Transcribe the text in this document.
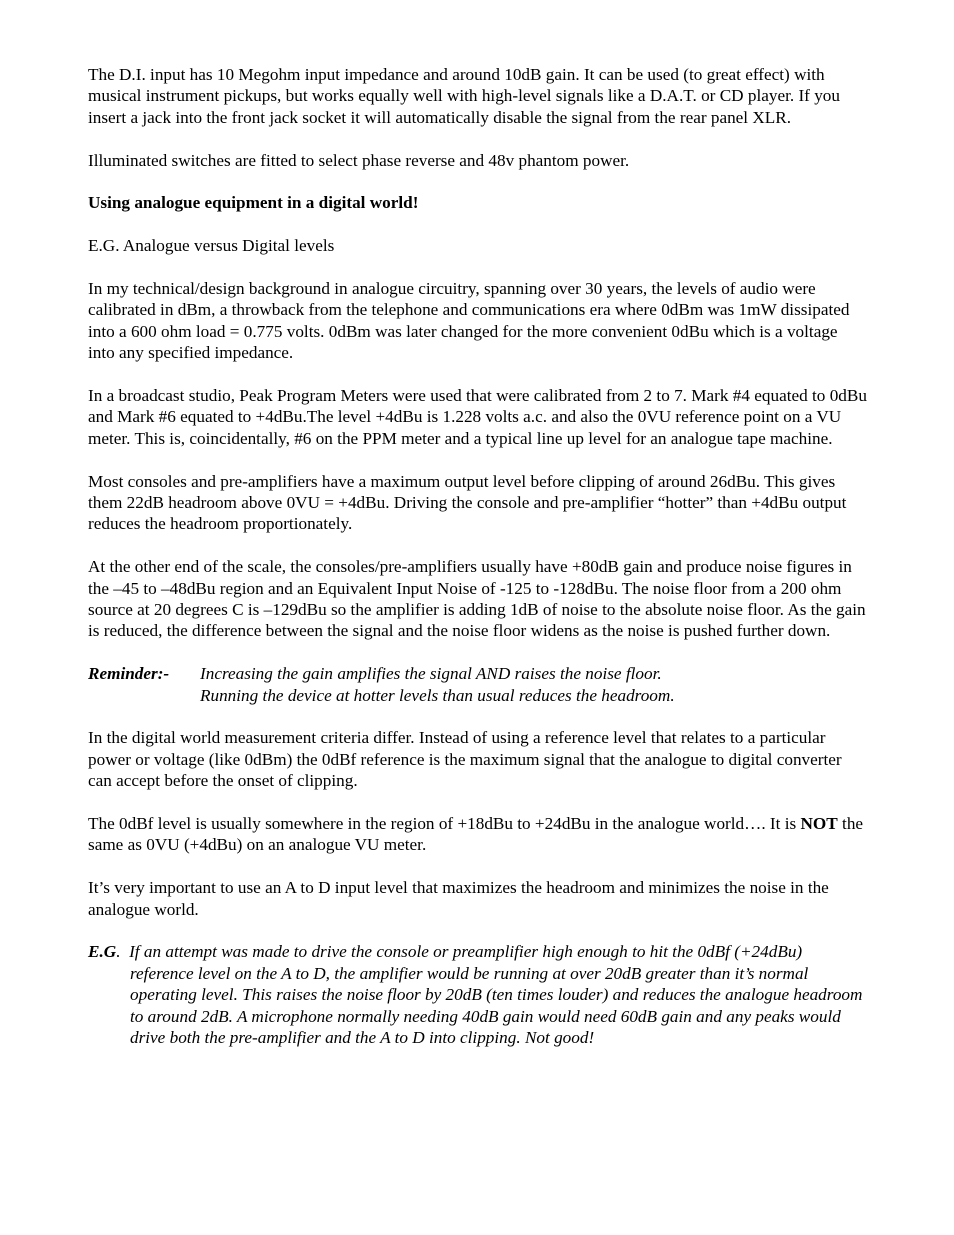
The D.I. input has 10 Megohm input impedance and around 10dB gain. It can be used (to great effect) with musical instrument pickups, but works equally well with high-level signals like a D.A.T. or CD player. If you insert a jack into the front jack socket it will automatically disable the signal from the rear panel XLR.

Illuminated switches are fitted to select phase reverse and 48v phantom power.

Using analogue equipment in a digital world!

E.G. Analogue versus Digital levels

In my technical/design background in analogue circuitry, spanning over 30 years, the levels of audio were calibrated in dBm, a throwback from the telephone and communications era where 0dBm was 1mW dissipated into a 600 ohm load = 0.775 volts. 0dBm was later changed for the more convenient 0dBu which is a voltage into any specified impedance.

In a broadcast studio, Peak Program Meters were used that were calibrated from 2 to 7. Mark #4 equated to 0dBu and Mark #6 equated to +4dBu.The level +4dBu is 1.228 volts a.c. and also the 0VU reference point on a VU meter. This is, coincidentally, #6 on the PPM meter and a typical line up level for an analogue tape machine.

Most consoles and pre-amplifiers have a maximum output level before clipping of around 26dBu. This gives them 22dB headroom above 0VU = +4dBu. Driving the console and pre-amplifier “hotter” than +4dBu output reduces the headroom proportionately.

At the other end of the scale, the consoles/pre-amplifiers usually have +80dB gain and produce noise figures in the –45 to –48dBu region and an Equivalent Input Noise of -125 to -128dBu. The noise floor from a 200 ohm source at 20 degrees C is –129dBu so the amplifier is adding 1dB of noise to the absolute noise floor. As the gain is reduced, the difference between the signal and the noise floor widens as the noise is pushed further down.

Reminder:-	Increasing the gain amplifies the signal AND raises the noise floor.
Running the device at hotter levels than usual reduces the headroom.

In the digital world measurement criteria differ. Instead of using a reference level that relates to a particular power or voltage (like 0dBm) the 0dBf reference is the maximum signal that the analogue to digital converter can accept before the onset of clipping.

The 0dBf level is usually somewhere in the region of +18dBu to +24dBu in the analogue world…. It is NOT the same as 0VU (+4dBu) on an analogue VU meter.

It’s very important to use an A to D input level that maximizes the headroom and minimizes the noise in the analogue world.

E.G. If an attempt was made to drive the console or preamplifier high enough to hit the 0dBf (+24dBu) reference level on the A to D, the amplifier would be running at over 20dB greater than it’s normal operating level. This raises the noise floor by 20dB (ten times louder) and reduces the analogue headroom to around 2dB. A microphone normally needing 40dB gain would need 60dB gain and any peaks would drive both the pre-amplifier and the A to D into clipping. Not good!
